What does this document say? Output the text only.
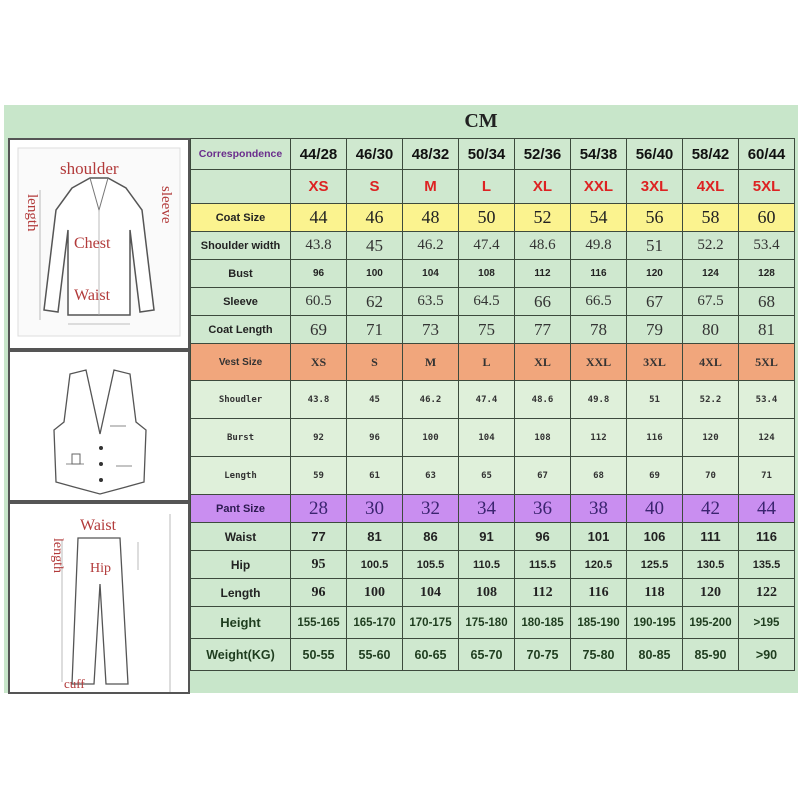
CM
shoulder
length	sleeve
Chest
Waist
Waist
length Hip
cuff
Correspondence	44/28	46/30	48/32	50/34	52/36	54/38	56/40	58/42	60/44
	XS	S	M	L	XL	XXL	3XL	4XL	5XL
Coat Size	44	46	48	50	52	54	56	58	60
Shoulder width	43.8	45	46.2	47.4	48.6	49.8	51	52.2	53.4
Bust	96	100	104	108	112	116	120	124	128
Sleeve	60.5	62	63.5	64.5	66	66.5	67	67.5	68
Coat Length	69	71	73	75	77	78	79	80	81
Vest Size	XS	S	M	L	XL	XXL	3XL	4XL	5XL
Shoudler	43.8	45	46.2	47.4	48.6	49.8	51	52.2	53.4
Burst	92	96	100	104	108	112	116	120	124
Length	59	61	63	65	67	68	69	70	71
Pant Size	28	30	32	34	36	38	40	42	44
Waist	77	81	86	91	96	101	106	111	116
Hip	95	100.5	105.5	110.5	115.5	120.5	125.5	130.5	135.5
Length	96	100	104	108	112	116	118	120	122
Height	155-165	165-170	170-175	175-180	180-185	185-190	190-195	195-200	>195
Weight(KG)	50-55	55-60	60-65	65-70	70-75	75-80	80-85	85-90	>90
